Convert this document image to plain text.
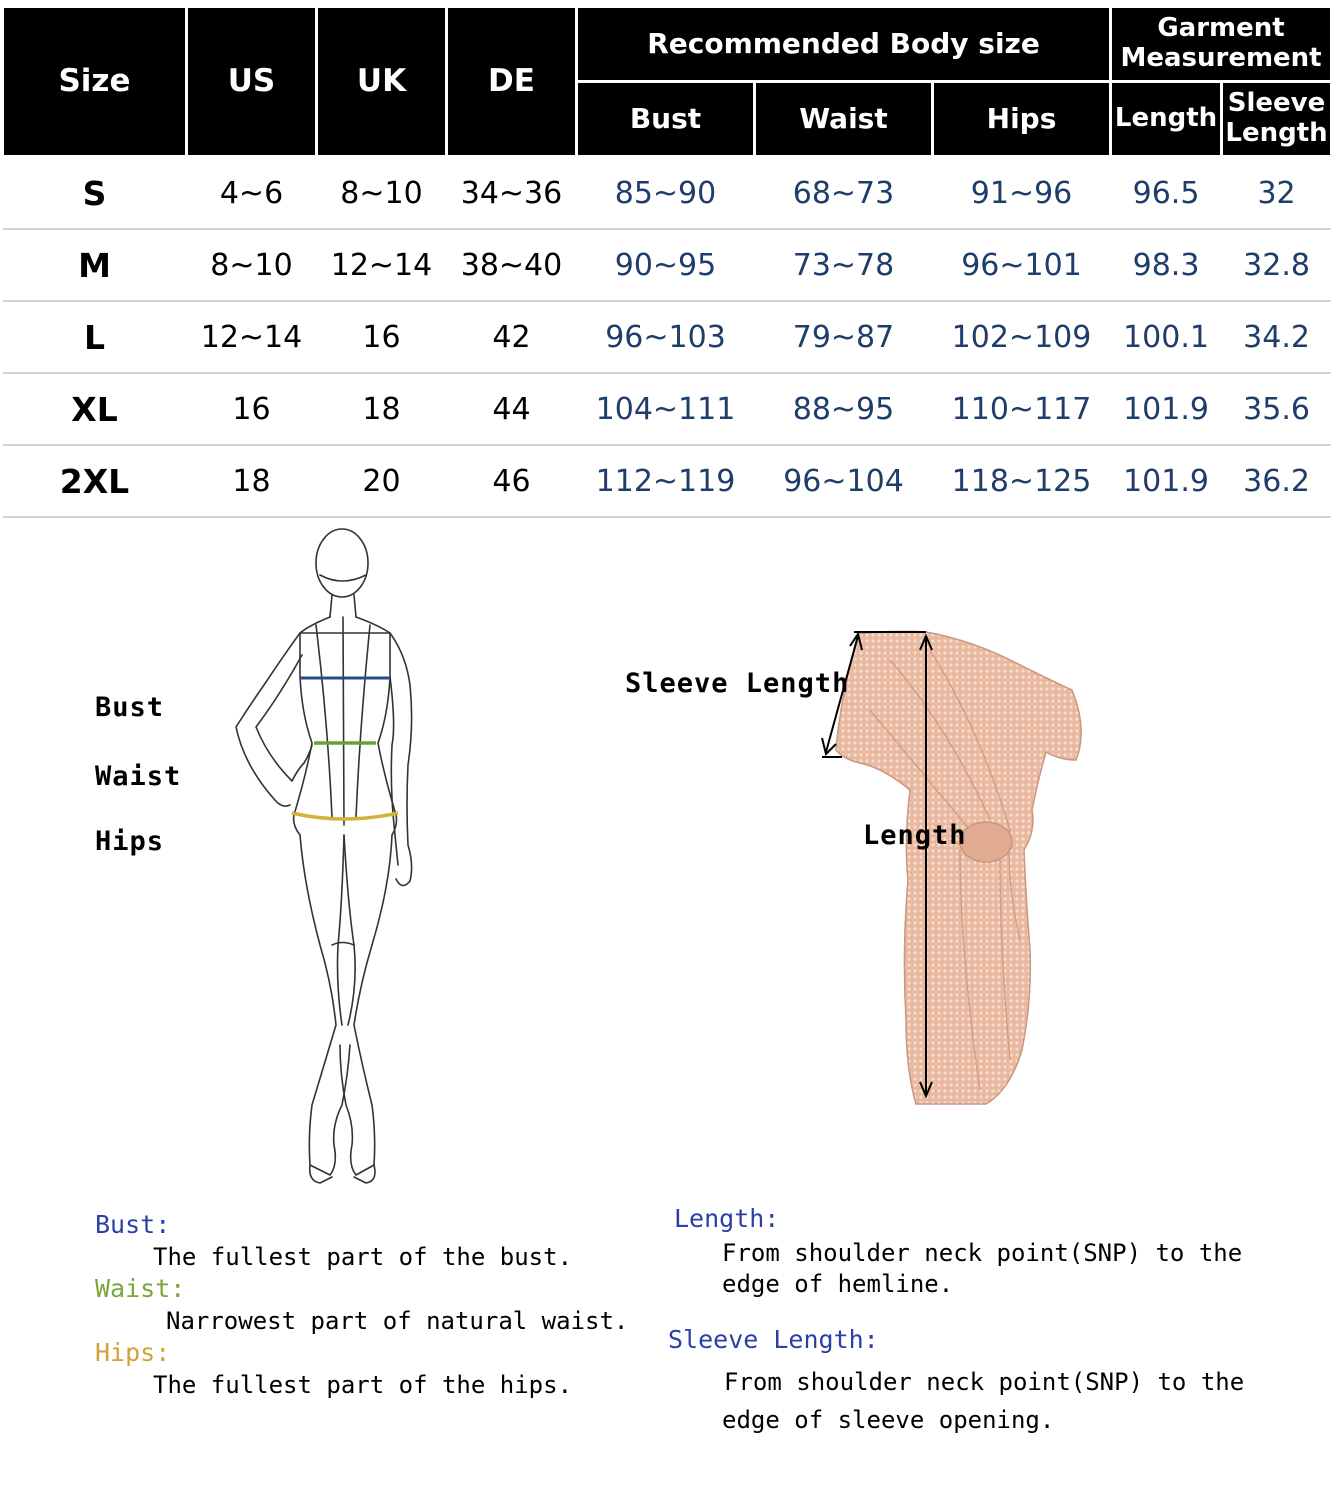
Size	US	UK	DE	Recommended Body size			Garment
Measurement	
				Bust	Waist	Hips	Length	Sleeve
Length
S	4~6	8~10	34~36	85~90	68~73	91~96	96.5	32
M	8~10	12~14	38~40	90~95	73~78	96~101	98.3	32.8
L	12~14	16	42	96~103	79~87	102~109	100.1	34.2
XL	16	18	44	104~111	88~95	110~117	101.9	35.6
2XL	18	20	46	112~119	96~104	118~125	101.9	36.2
Bust
Waist
Hips
Sleeve Length
Length
Bust:
The fullest part of the bust.
Waist:
Narrowest part of natural waist.
Hips:
The fullest part of the hips.
Length:
From shoulder neck point(SNP) to the
edge of hemline.
Sleeve Length:
From shoulder neck point(SNP) to the
edge of sleeve opening.
